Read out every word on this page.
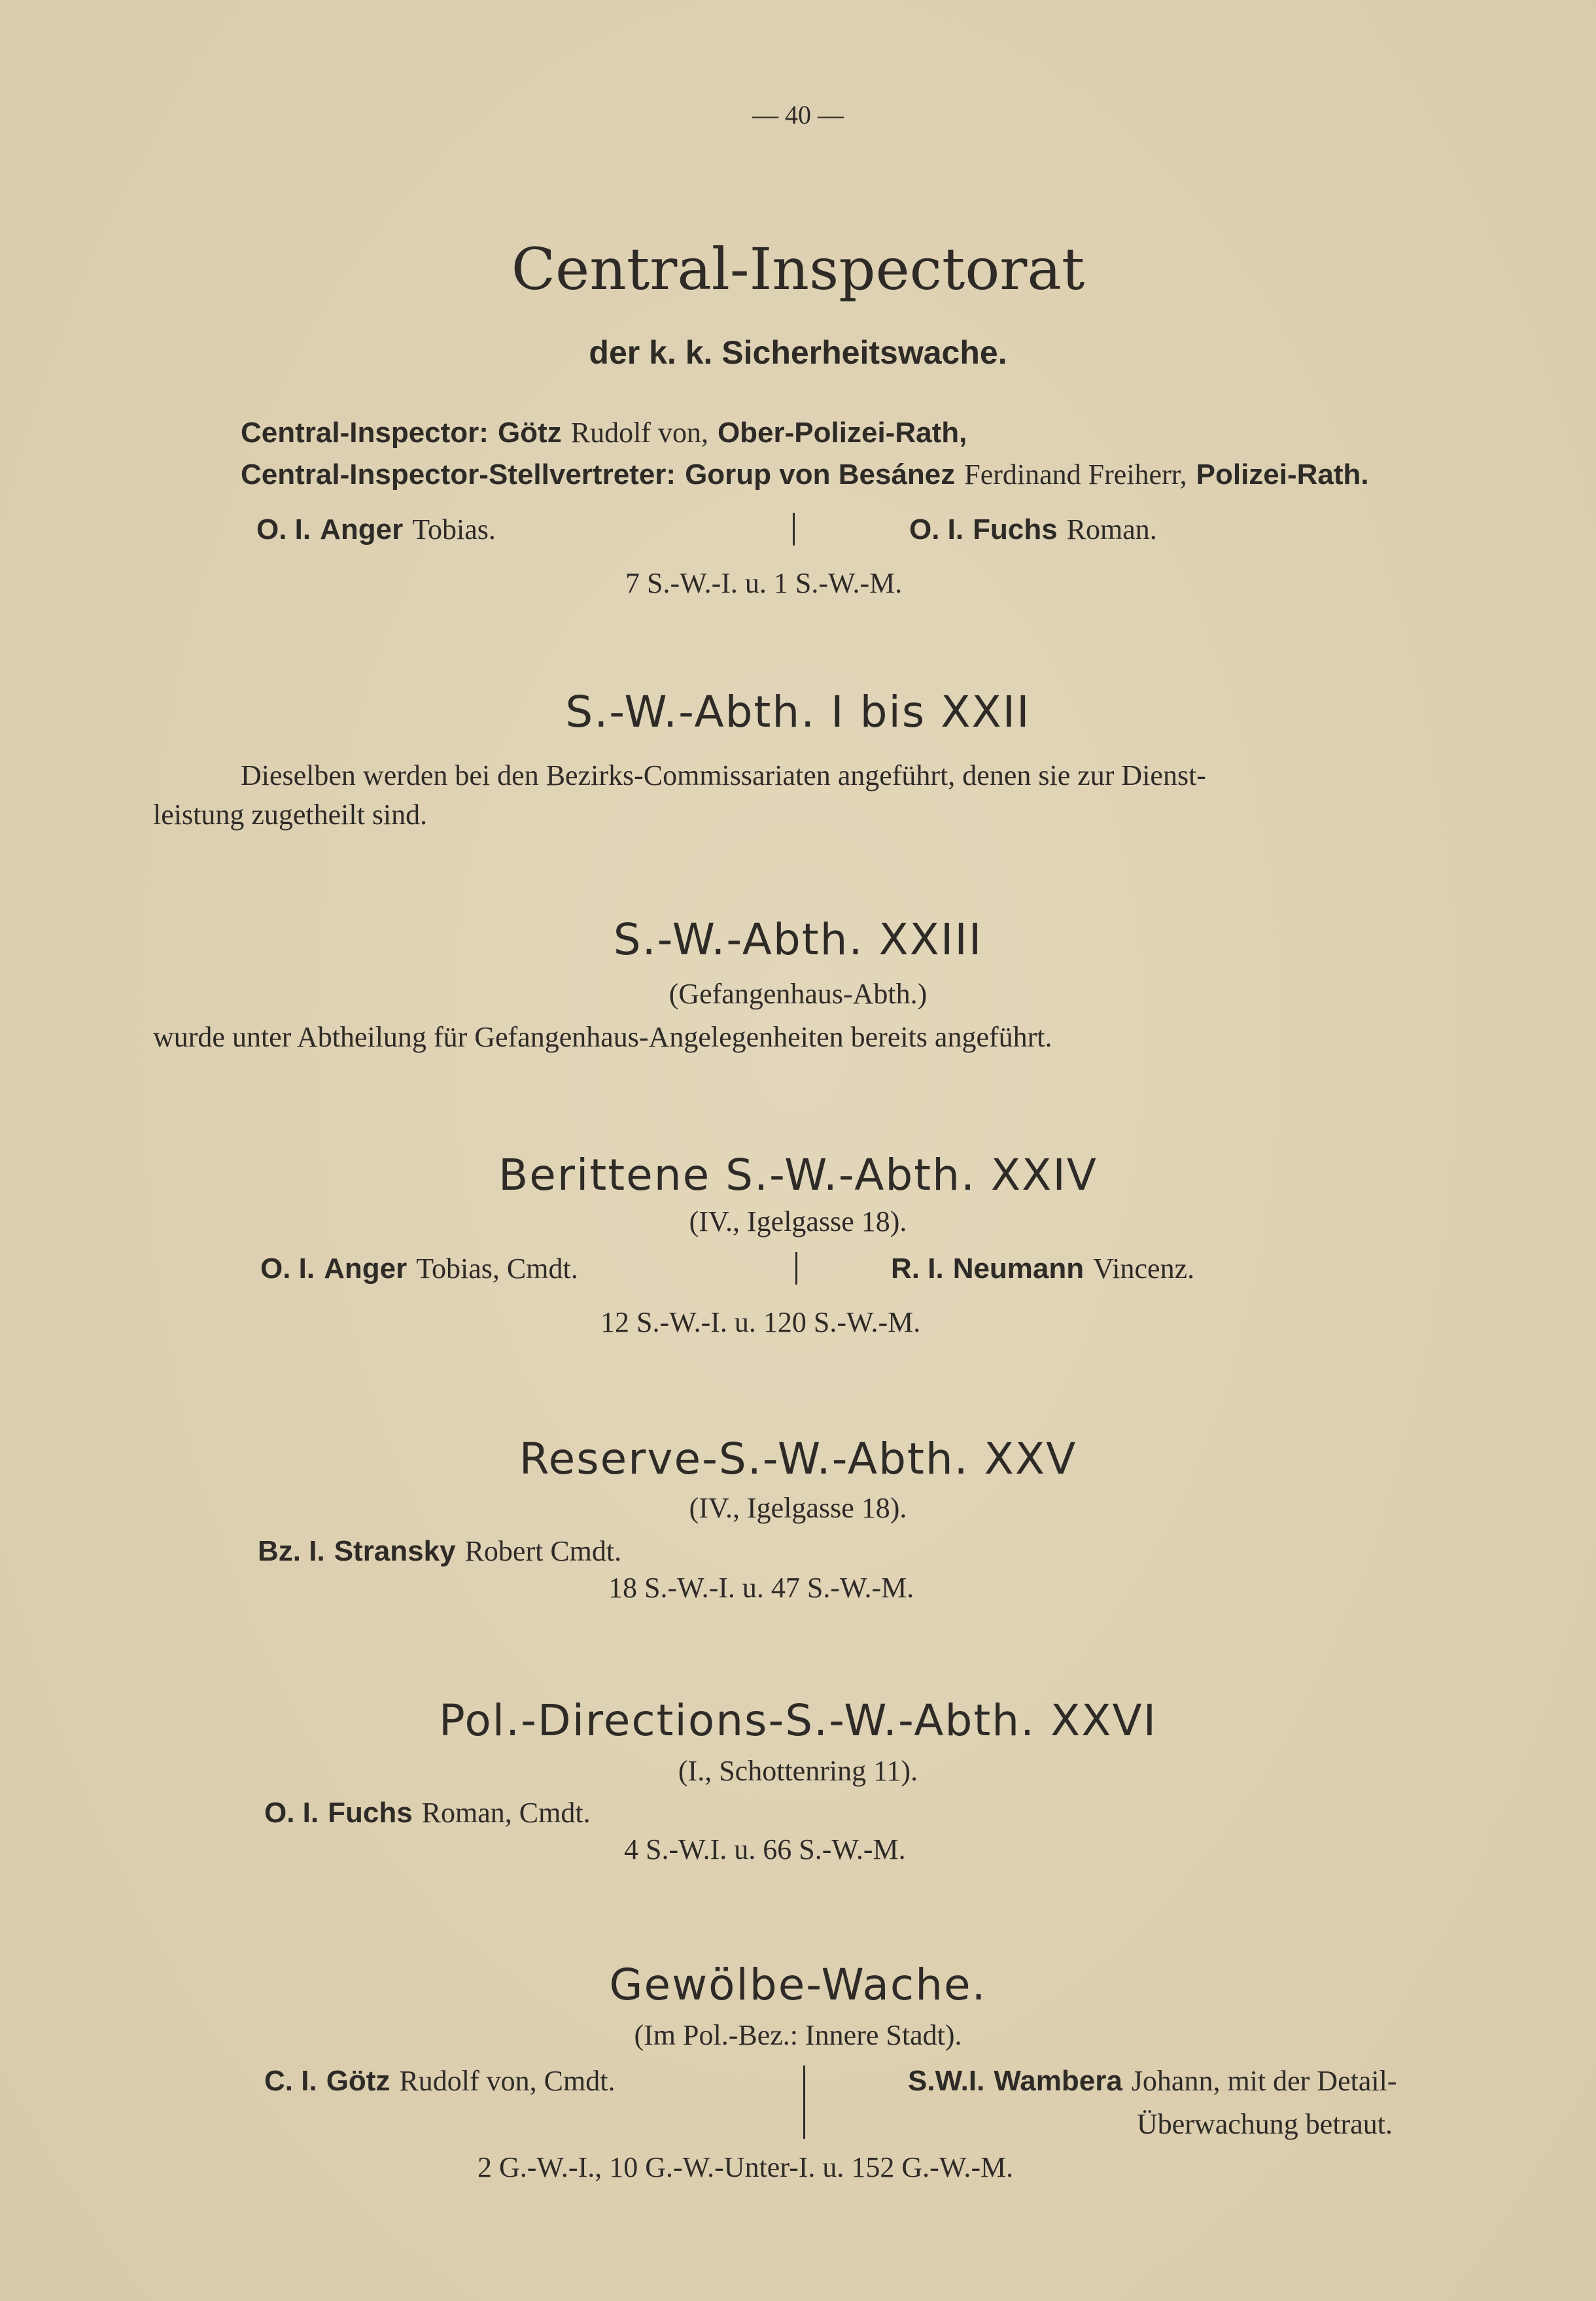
— 40 —
Central-Inspectorat
der k. k. Sicherheitswache.
Central-Inspector: Götz Rudolf von, Ober-Polizei-Rath,
Central-Inspector-Stellvertreter: Gorup von Besánez Ferdinand Freiherr, Polizei-Rath.
O. I. Anger Tobias.	O. I. Fuchs Roman.
7 S.-W.-I. u. 1 S.-W.-M.
S.-W.-Abth. I bis XXII
Dieselben werden bei den Bezirks-Commissariaten angeführt, denen sie zur Dienst-
leistung zugetheilt sind.
S.-W.-Abth. XXIII
(Gefangenhaus-Abth.)
wurde unter Abtheilung für Gefangenhaus-Angelegenheiten bereits angeführt.
Berittene S.-W.-Abth. XXIV
(IV., Igelgasse 18).
O. I. Anger Tobias, Cmdt.	R. I. Neumann Vincenz.
12 S.-W.-I. u. 120 S.-W.-M.
Reserve-S.-W.-Abth. XXV
(IV., Igelgasse 18).
Bz. I. Stransky Robert Cmdt.
18 S.-W.-I. u. 47 S.-W.-M.
Pol.-Directions-S.-W.-Abth. XXVI
(I., Schottenring 11).
O. I. Fuchs Roman, Cmdt.
4 S.-W.I. u. 66 S.-W.-M.
Gewölbe-Wache.
(Im Pol.-Bez.: Innere Stadt).
C. I. Götz Rudolf von, Cmdt.	S.W.I. Wambera Johann, mit der Detail-
Überwachung betraut.
2 G.-W.-I., 10 G.-W.-Unter-I. u. 152 G.-W.-M.
